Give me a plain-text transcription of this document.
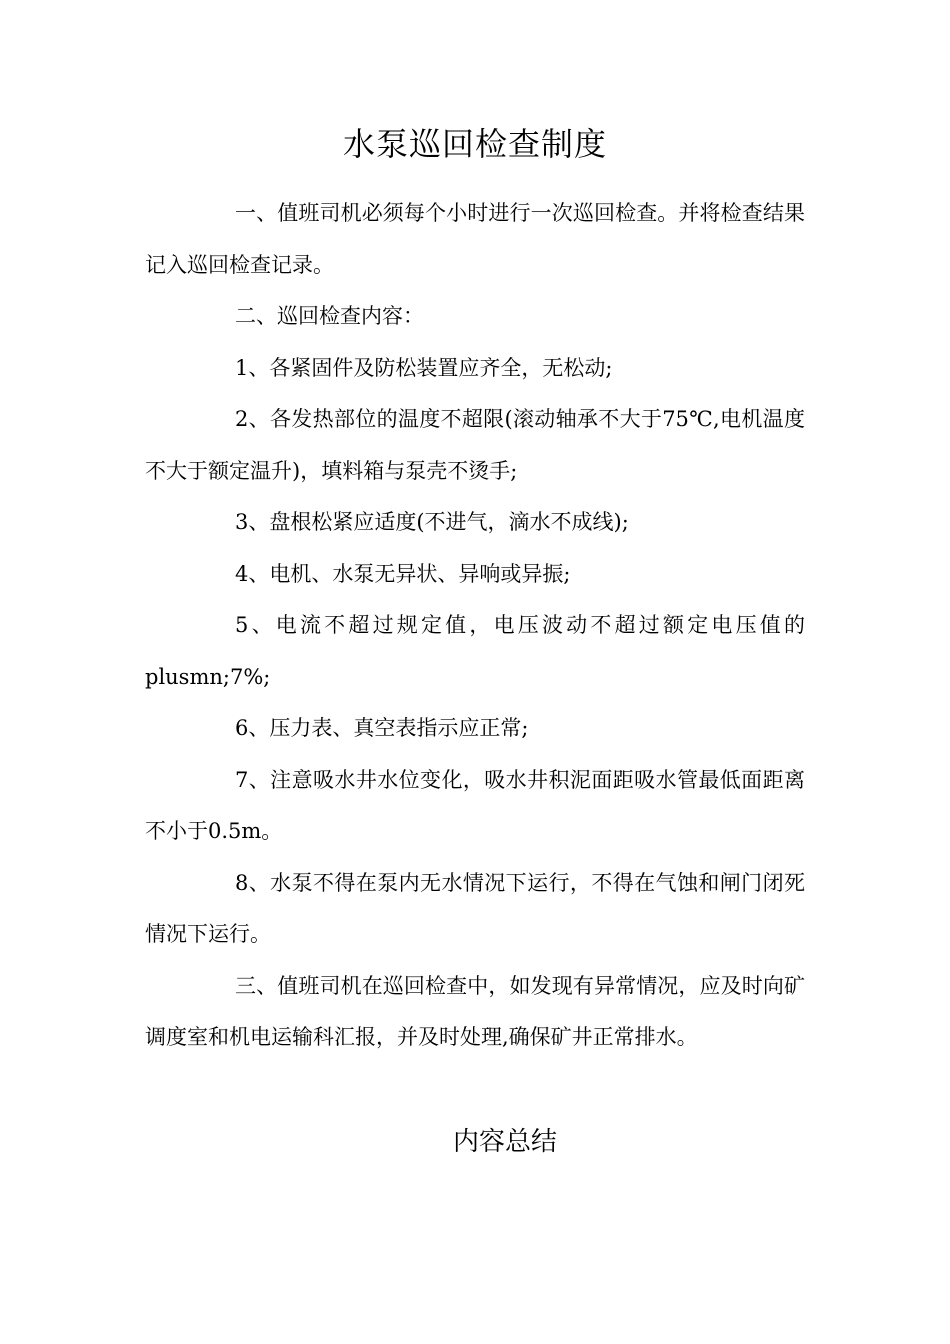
水泵巡回检查制度

一、值班司机必须每个小时进行一次巡回检查。并将检查结果记入巡回检查记录。

二、巡回检查内容：

1、各紧固件及防松装置应齐全，无松动;

2、各发热部位的温度不超限(滚动轴承不大于75℃,电机温度不大于额定温升)，填料箱与泵壳不烫手;

3、盘根松紧应适度(不进气，滴水不成线);

4、电机、水泵无异状、异响或异振;

5、电流不超过规定值，电压波动不超过额定电压值的plusmn;7%;

6、压力表、真空表指示应正常;

7、注意吸水井水位变化，吸水井积泥面距吸水管最低面距离不小于0.5m。

8、水泵不得在泵内无水情况下运行，不得在气蚀和闸门闭死情况下运行。

三、值班司机在巡回检查中，如发现有异常情况，应及时向矿调度室和机电运输科汇报，并及时处理,确保矿井正常排水。

内容总结
